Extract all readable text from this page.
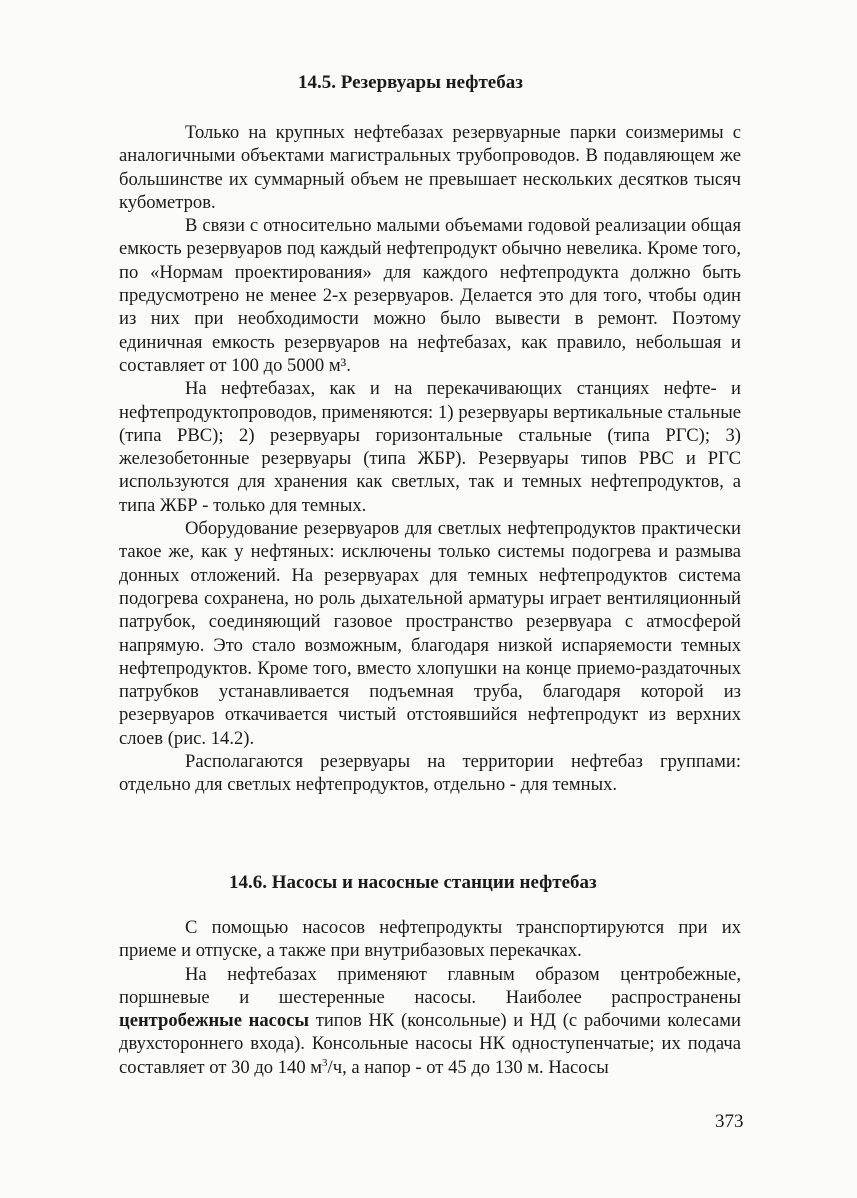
14.5. Резервуары нефтебаз

Только на крупных нефтебазах резервуарные парки соизмеримы с аналогичными объектами магистральных трубопроводов. В подавляющем же большинстве их суммарный объем не превышает нескольких десятков тысяч кубометров.

В связи с относительно малыми объемами годовой реализации общая емкость резервуаров под каждый нефтепродукт обычно невелика. Кроме того, по «Нормам проектирования» для каждого нефтепродукта должно быть предусмотрено не менее 2-х резервуаров. Делается это для того, чтобы один из них при необходимости можно было вывести в ремонт. Поэтому единичная емкость резервуаров на нефтебазах, как правило, небольшая и составляет от 100 до 5000 м³.

На нефтебазах, как и на перекачивающих станциях нефте- и нефтепродуктопроводов, применяются: 1) резервуары вертикальные стальные (типа РВС); 2) резервуары горизонтальные стальные (типа РГС); 3) железобетонные резервуары (типа ЖБР). Резервуары типов РВС и РГС используются для хранения как светлых, так и темных нефтепродуктов, а типа ЖБР - только для темных.

Оборудование резервуаров для светлых нефтепродуктов практически такое же, как у нефтяных: исключены только системы подогрева и размыва донных отложений. На резервуарах для темных нефтепродуктов система подогрева сохранена, но роль дыхательной арматуры играет вентиляционный патрубок, соединяющий газовое пространство резервуара с атмосферой напрямую. Это стало возможным, благодаря низкой испаряемости темных нефтепродуктов. Кроме того, вместо хлопушки на конце приемо-раздаточных патрубков устанавливается подъемная труба, благодаря которой из резервуаров откачивается чистый отстоявшийся нефтепродукт из верхних слоев (рис. 14.2).

Располагаются резервуары на территории нефтебаз группами: отдельно для светлых нефтепродуктов, отдельно - для темных.

14.6. Насосы и насосные станции нефтебаз

С помощью насосов нефтепродукты транспортируются при их приеме и отпуске, а также при внутрибазовых перекачках.

На нефтебазах применяют главным образом центробежные, поршневые и шестеренные насосы. Наиболее распространены центробежные насосы типов НК (консольные) и НД (с рабочими колесами двухстороннего входа). Консольные насосы НК одноступенчатые; их подача составляет от 30 до 140 $м^3/ч$, а напор - от 45 до 130 м. Насосы

373
